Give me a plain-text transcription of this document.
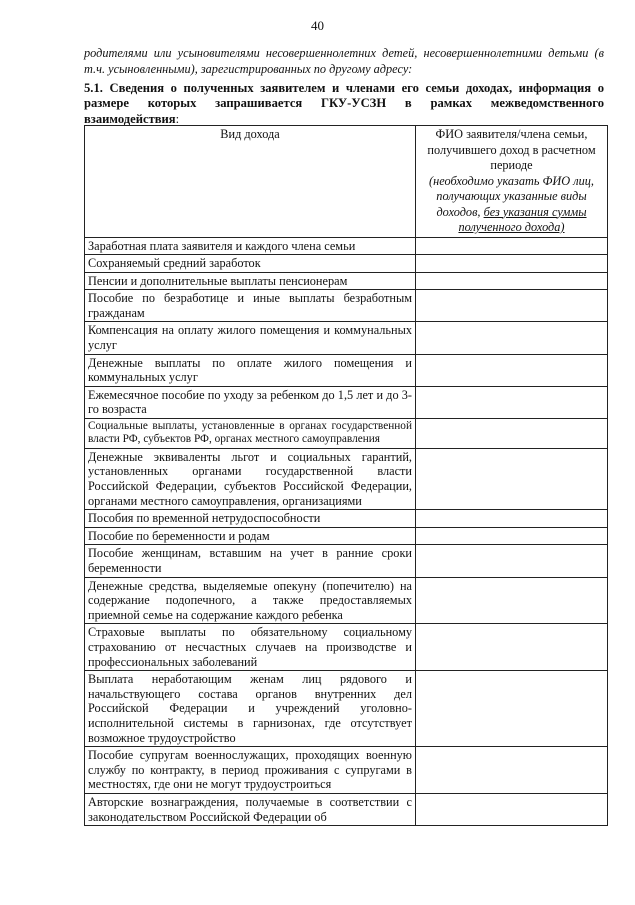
40
родителями или усыновителями несовершеннолетних детей, несовершеннолетними детьми (в т.ч. усыновленными), зарегистрированных по другому адресу:
5.1. Сведения о полученных заявителем и членами его семьи доходах, информация о размере которых запрашивается ГКУ-УСЗН в рамках межведомственного взаимодействия:
Вид дохода	ФИО заявителя/члена семьи, получившего доход в расчетном периоде
(необходимо указать ФИО лиц, получающих указанные виды доходов, без указания суммы полученного дохода)
Заработная плата заявителя и каждого члена семьи	
Сохраняемый средний заработок	
Пенсии и дополнительные выплаты пенсионерам	
Пособие по безработице и иные выплаты безработным гражданам	
Компенсация на оплату жилого помещения и коммунальных услуг	
Денежные выплаты по оплате жилого помещения и коммунальных услуг	
Ежемесячное пособие по уходу за ребенком до 1,5 лет и до 3-го возраста	
Социальные выплаты, установленные в органах государственной власти РФ, субъектов РФ, органах местного самоуправления	
Денежные эквиваленты льгот и социальных гарантий, установленных органами государственной власти Российской Федерации, субъектов Российской Федерации, органами местного самоуправления, организациями	
Пособия по временной нетрудоспособности	
Пособие по беременности и родам	
Пособие женщинам, вставшим на учет в ранние сроки беременности	
Денежные средства, выделяемые опекуну (попечителю) на содержание подопечного, а также предоставляемых приемной семье на содержание каждого ребенка	
Страховые выплаты по обязательному социальному страхованию от несчастных случаев на производстве и профессиональных заболеваний	
Выплата неработающим женам лиц рядового и начальствующего состава органов внутренних дел Российской Федерации и учреждений уголовно-исполнительной системы в гарнизонах, где отсутствует возможное трудоустройство	
Пособие супругам военнослужащих, проходящих военную службу по контракту, в период проживания с супругами в местностях, где они не могут трудоустроиться	
Авторские вознаграждения, получаемые в соответствии с законодательством Российской Федерации об	
